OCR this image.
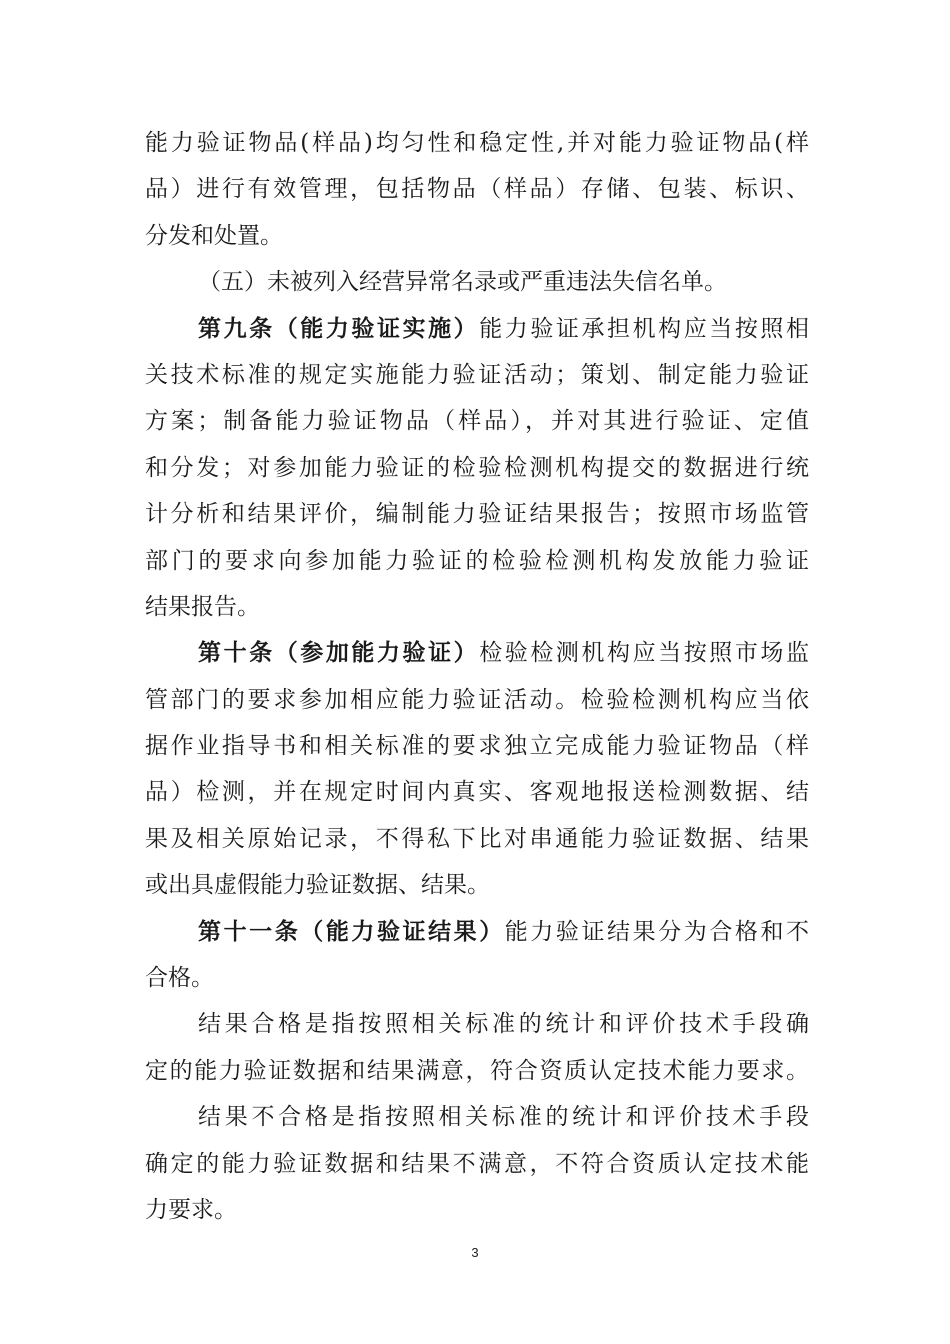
能力验证物品(样品)均匀性和稳定性,并对能力验证物品(样
品）进行有效管理，包括物品（样品）存储、包装、标识、
分发和处置。
（五）未被列入经营异常名录或严重违法失信名单。
第九条（能力验证实施）能力验证承担机构应当按照相
关技术标准的规定实施能力验证活动；策划、制定能力验证
方案；制备能力验证物品（样品），并对其进行验证、定值
和分发；对参加能力验证的检验检测机构提交的数据进行统
计分析和结果评价，编制能力验证结果报告；按照市场监管
部门的要求向参加能力验证的检验检测机构发放能力验证
结果报告。
第十条（参加能力验证）检验检测机构应当按照市场监
管部门的要求参加相应能力验证活动。检验检测机构应当依
据作业指导书和相关标准的要求独立完成能力验证物品（样
品）检测，并在规定时间内真实、客观地报送检测数据、结
果及相关原始记录，不得私下比对串通能力验证数据、结果
或出具虚假能力验证数据、结果。
第十一条（能力验证结果）能力验证结果分为合格和不
合格。
结果合格是指按照相关标准的统计和评价技术手段确
定的能力验证数据和结果满意，符合资质认定技术能力要求。
结果不合格是指按照相关标准的统计和评价技术手段
确定的能力验证数据和结果不满意，不符合资质认定技术能
力要求。
3
